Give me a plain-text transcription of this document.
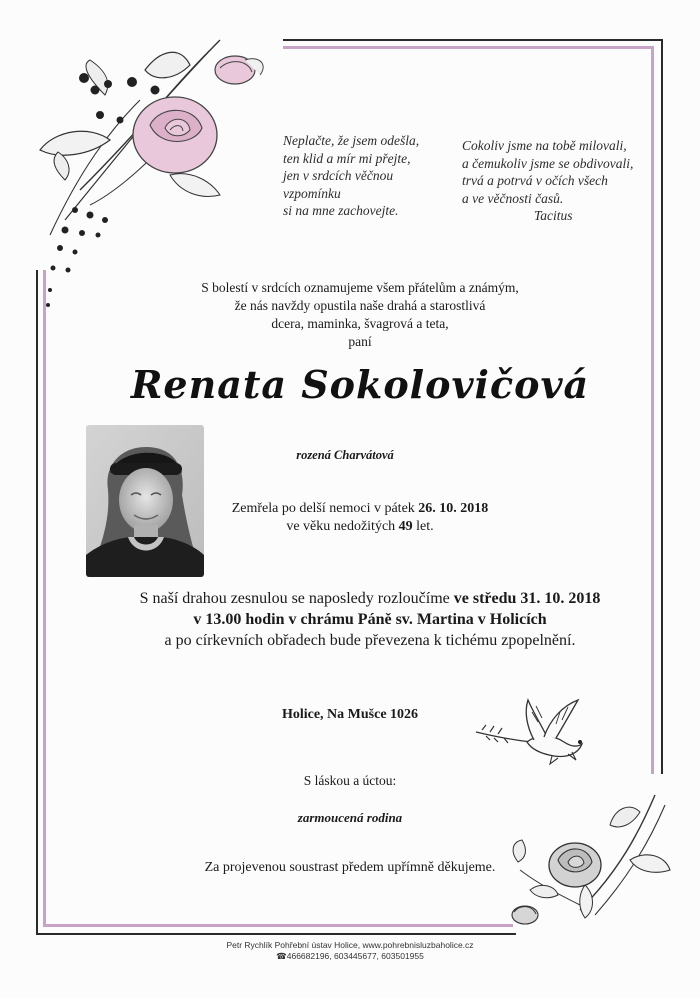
Neplačte, že jsem odešla,
ten klid a mír mi přejte,
jen v srdcích věčnou
vzpomínku
si na mne zachovejte.
Cokoliv jsme na tobě milovali,
a čemukoliv jsme se obdivovali,
trvá a potrvá v očích všech
a ve věčnosti časů.
Tacitus
S bolestí v srdcích oznamujeme všem přátelům a známým,
že nás navždy opustila naše drahá a starostlivá
dcera, maminka, švagrová a teta,
paní
Renata Sokolovičová
rozená Charvátová
Zemřela po delší nemoci v pátek 26. 10. 2018
ve věku nedožitých 49 let.
S naší drahou zesnulou se naposledy rozloučíme ve středu 31. 10. 2018
v 13.00 hodin v chrámu Páně sv. Martina v Holicích
a po církevních obřadech bude převezena k tichému zpopelnění.
Holice, Na Mušce 1026
S láskou a úctou:
zarmoucená rodina
Za projevenou soustrast předem upřímně děkujeme.
Petr Rychlík Pohřební ústav Holice, www.pohrebnisluzbaholice.cz
☎466682196, 603445677, 603501955
